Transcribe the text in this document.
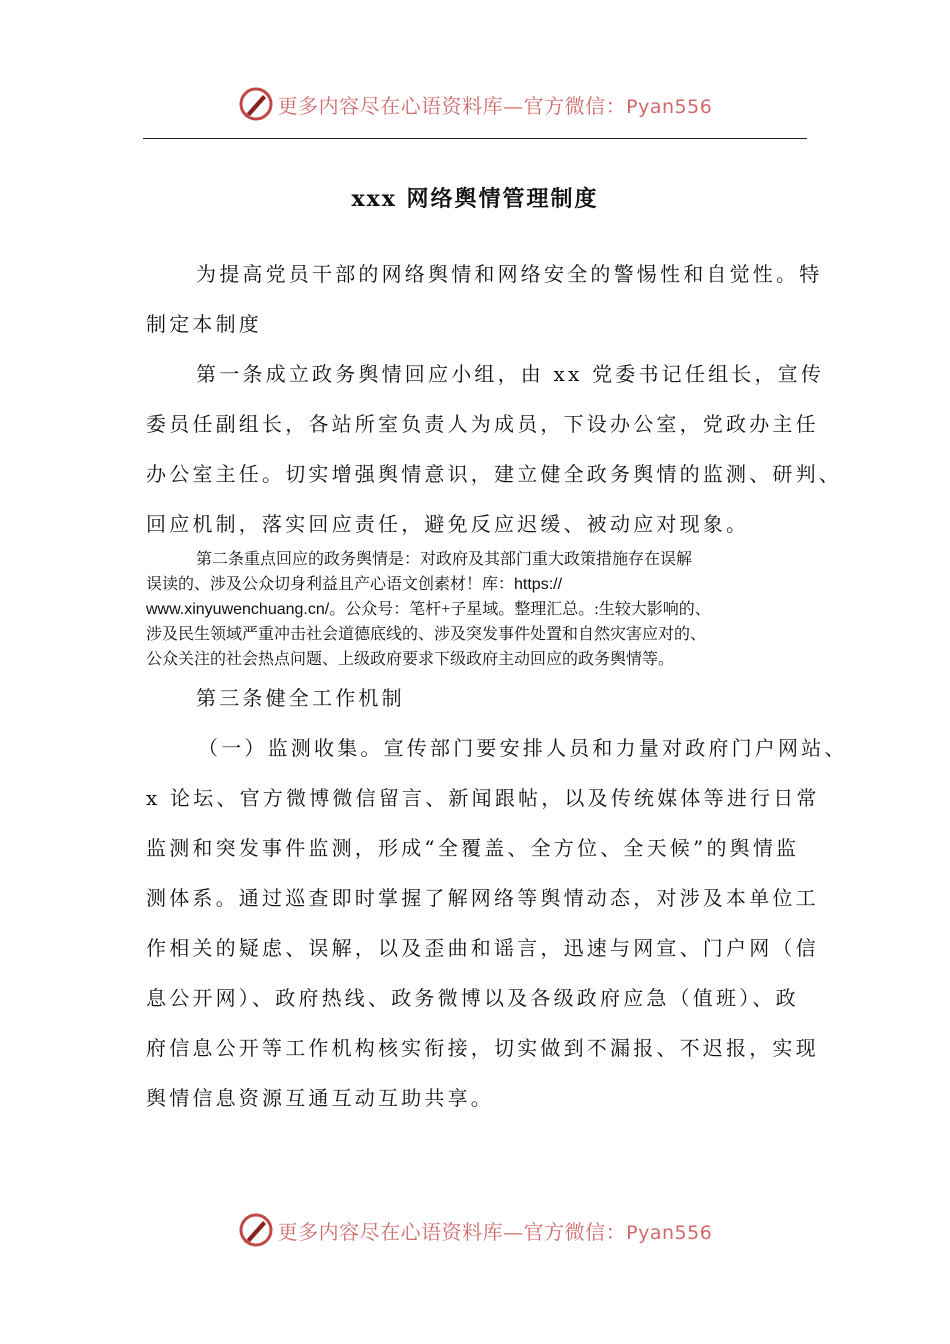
更多内容尽在心语资料库—官方微信：Pyan556
xxx 网络舆情管理制度
为提高党员干部的网络舆情和网络安全的警惕性和自觉性。特
制定本制度
第一条成立政务舆情回应小组，由 xx 党委书记任组长，宣传
委员任副组长，各站所室负责人为成员，下设办公室，党政办主任
办公室主任。切实增强舆情意识，建立健全政务舆情的监测、研判、
回应机制，落实回应责任，避免反应迟缓、被动应对现象。
第二条重点回应的政务舆情是：对政府及其部门重大政策措施存在误解
误读的、涉及公众切身利益且产心语文创素材！库：https://
www.xinyuwenchuang.cn/。公众号：笔杆+子星域。整理汇总。:生较大影响的、
涉及民生领域严重冲击社会道德底线的、涉及突发事件处置和自然灾害应对的、
公众关注的社会热点问题、上级政府要求下级政府主动回应的政务舆情等。
第三条健全工作机制
（一）监测收集。宣传部门要安排人员和力量对政府门户网站、
x 论坛、官方微博微信留言、新闻跟帖，以及传统媒体等进行日常
监测和突发事件监测，形成“全覆盖、全方位、全天候”的舆情监
测体系。通过巡查即时掌握了解网络等舆情动态，对涉及本单位工
作相关的疑虑、误解，以及歪曲和谣言，迅速与网宣、门户网（信
息公开网）、政府热线、政务微博以及各级政府应急（值班）、政
府信息公开等工作机构核实衔接，切实做到不漏报、不迟报，实现
舆情信息资源互通互动互助共享。
更多内容尽在心语资料库—官方微信：Pyan556
